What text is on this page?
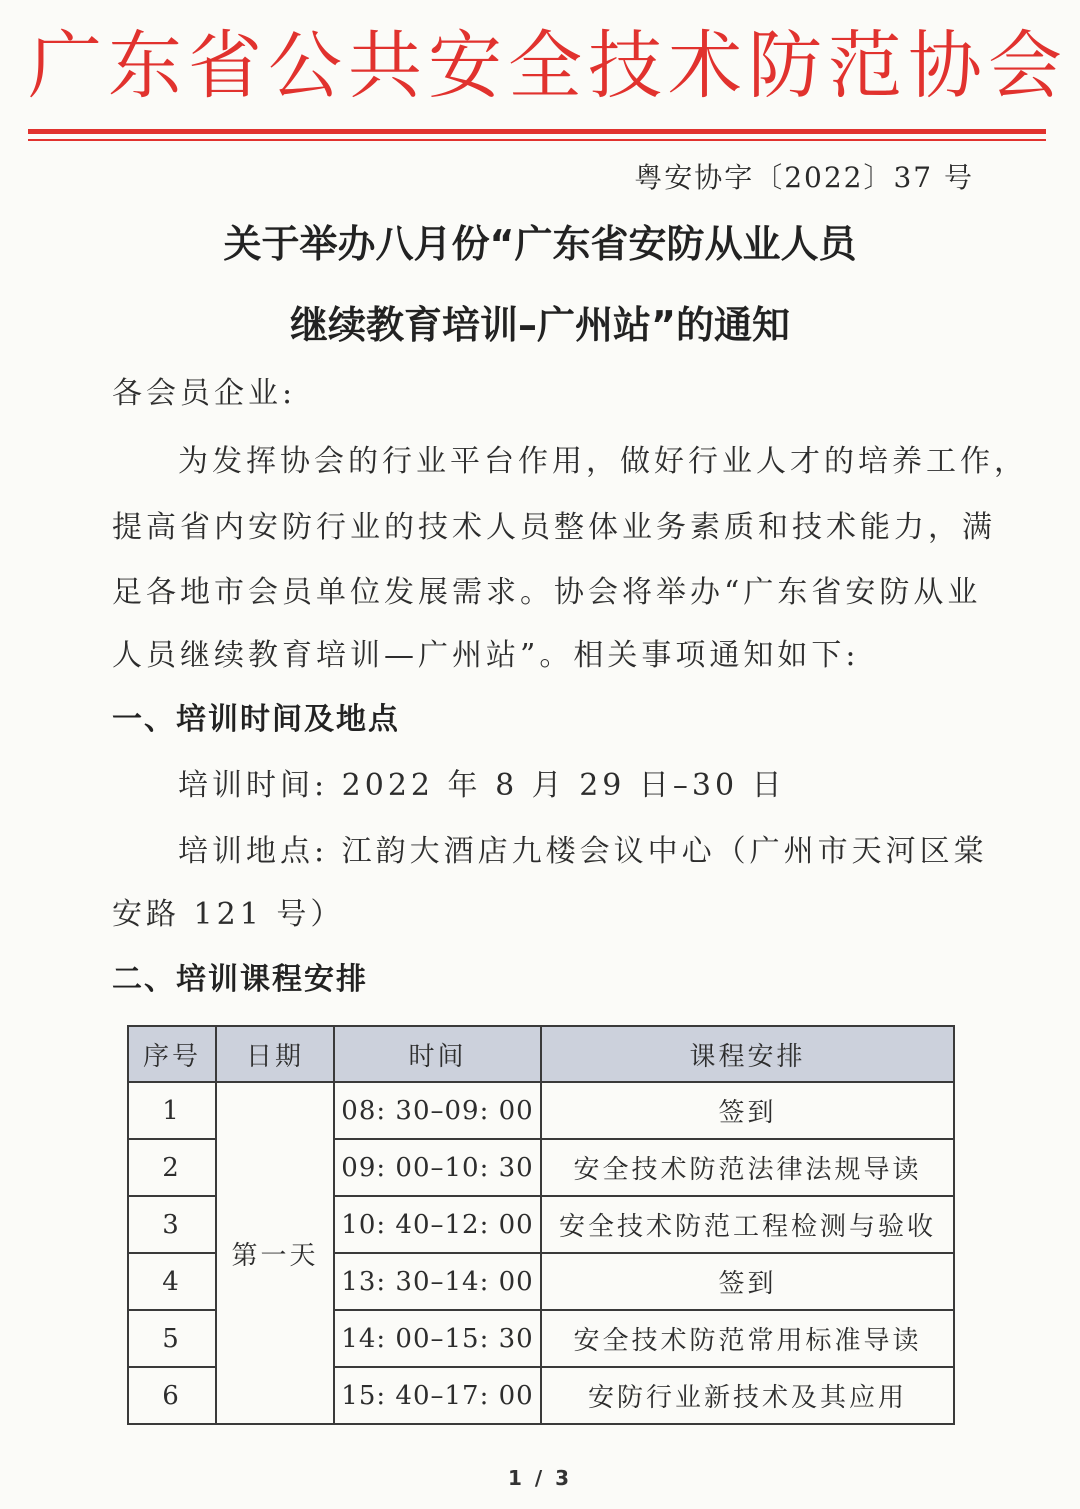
广东省公共安全技术防范协会
粤安协字〔2022〕37 号
关于举办八月份“广东省安防从业人员
继续教育培训–广州站”的通知
各会员企业:
为发挥协会的行业平台作用，做好行业人才的培养工作，
提高省内安防行业的技术人员整体业务素质和技术能力，满
足各地市会员单位发展需求。协会将举办“广东省安防从业
人员继续教育培训—广州站”。相关事项通知如下:
一、培训时间及地点
培训时间: 2022 年 8 月 29 日–30 日
培训地点: 江韵大酒店九楼会议中心（广州市天河区棠
安路 121 号）
二、培训课程安排
序号	日期	时间	课程安排
1	第一天	08: 30–09: 00	签到
2		09: 00–10: 30	安全技术防范法律法规导读
3		10: 40–12: 00	安全技术防范工程检测与验收
4		13: 30–14: 00	签到
5		14: 00–15: 30	安全技术防范常用标准导读
6		15: 40–17: 00	安防行业新技术及其应用
1 / 3
